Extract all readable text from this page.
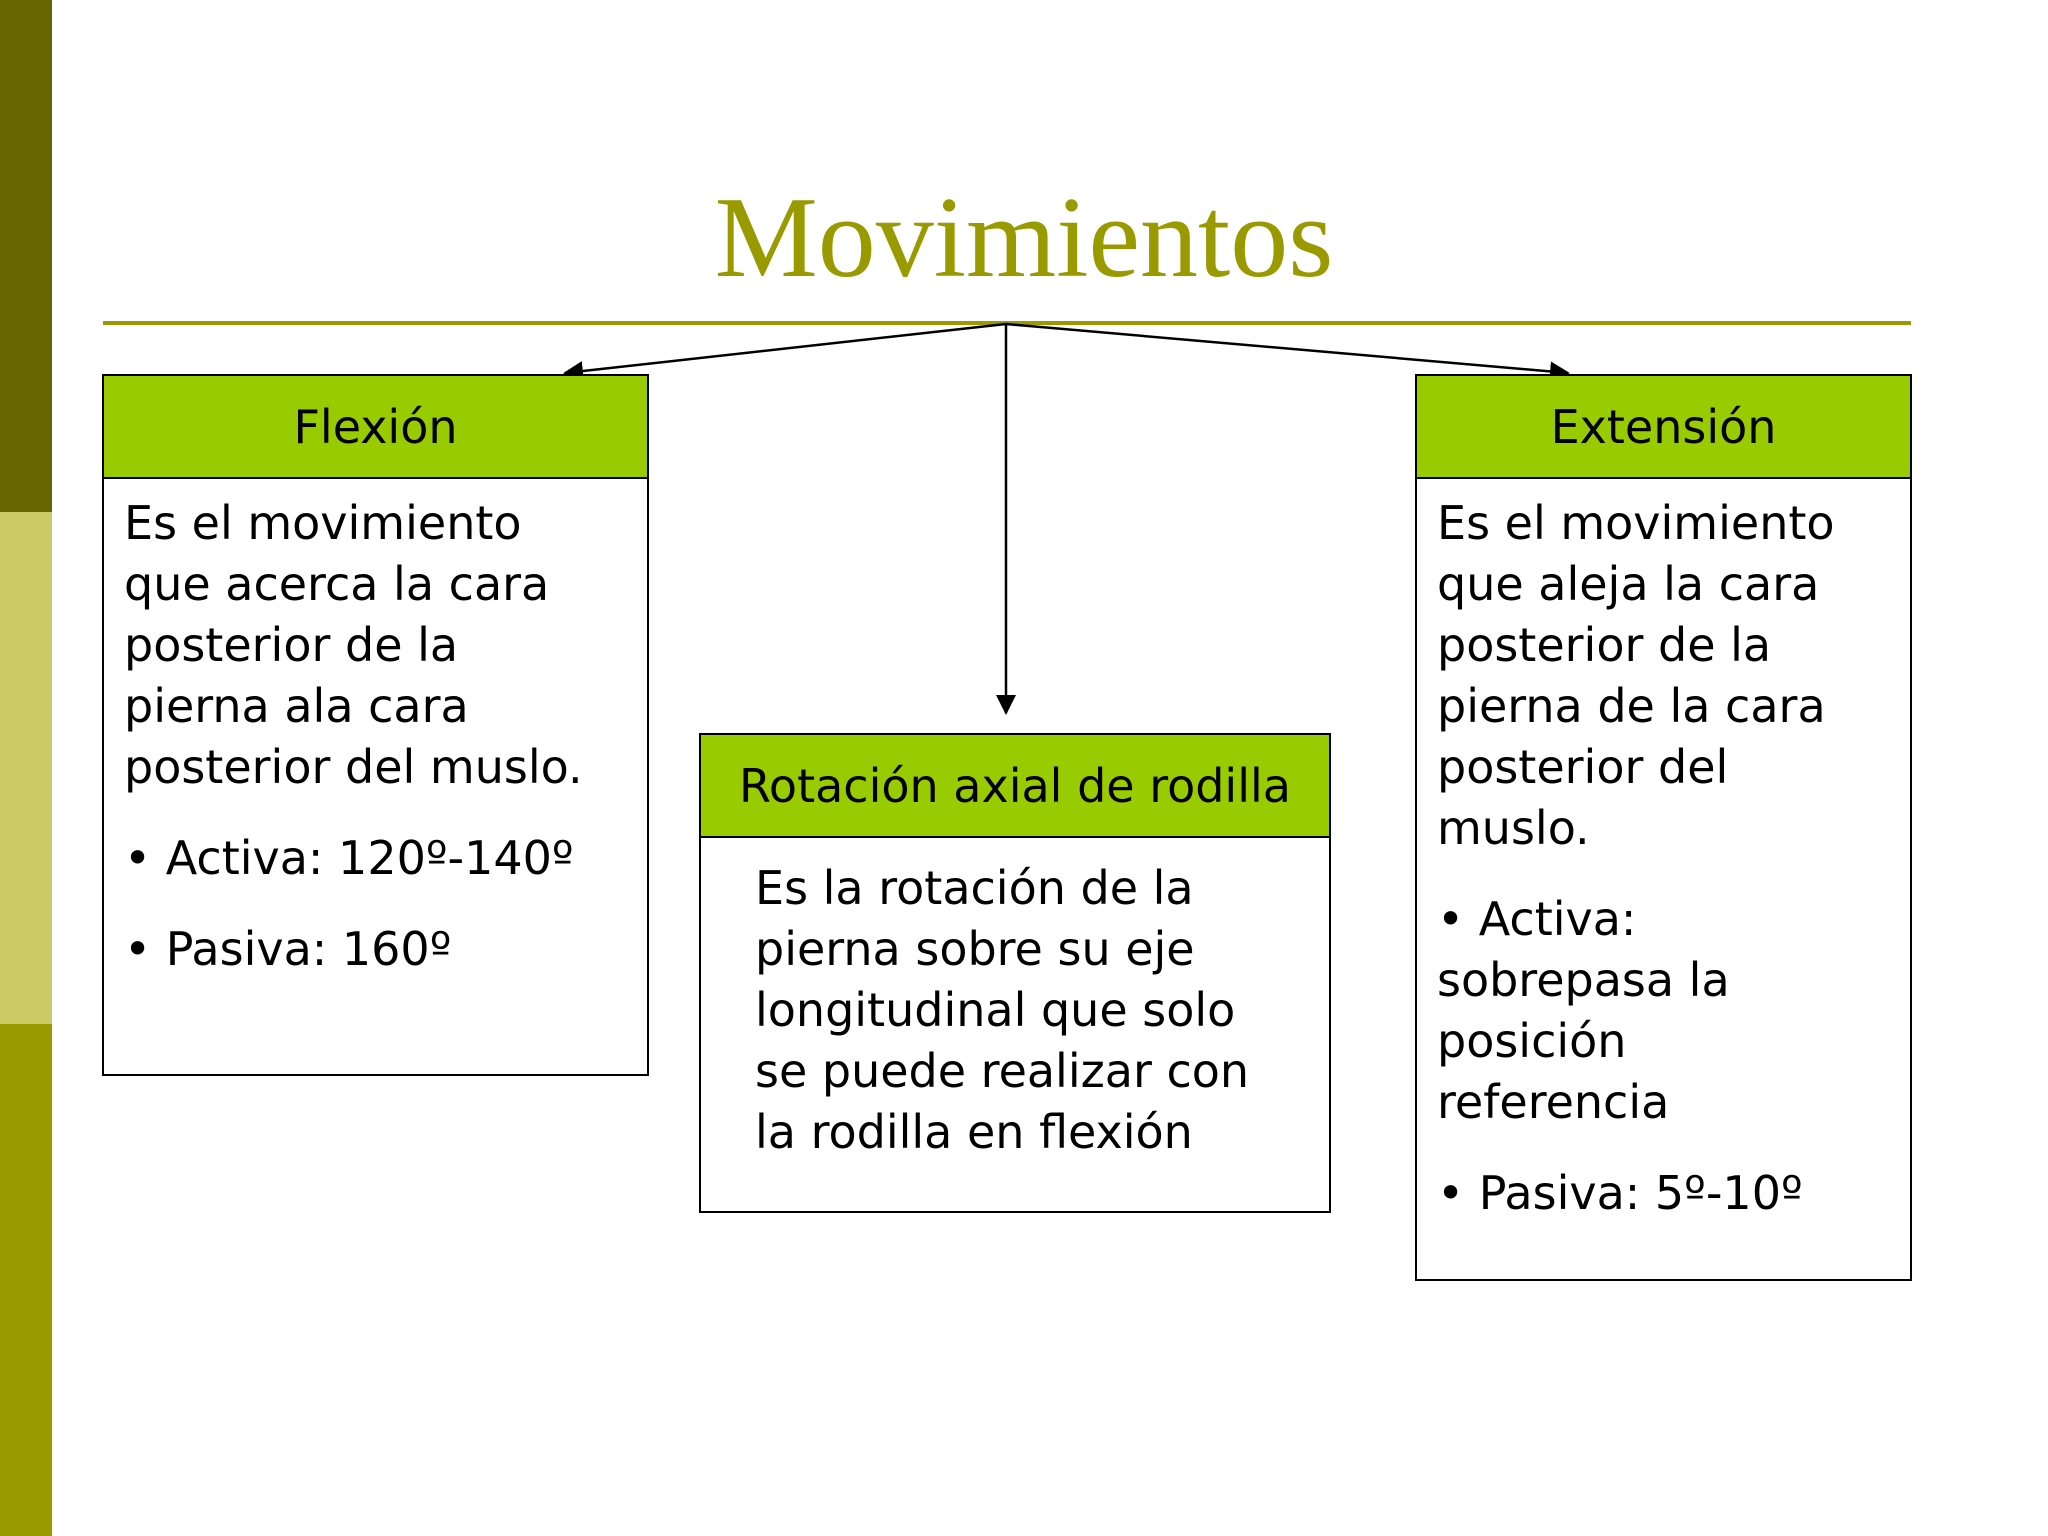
Movimientos
Flexión

Es el movimiento

que acerca la cara

posterior de la

pierna ala cara

posterior del muslo.

• Activa: 120º-140º

• Pasiva: 160º

Rotación axial de rodilla

Es la rotación de la

pierna sobre su eje

longitudinal que solo

se puede realizar con

la rodilla en flexión

Extensión

Es el movimiento

que aleja la cara

posterior de la

pierna de la cara

posterior del

muslo.

• Activa:

sobrepasa la

posición

referencia

• Pasiva: 5º-10º
